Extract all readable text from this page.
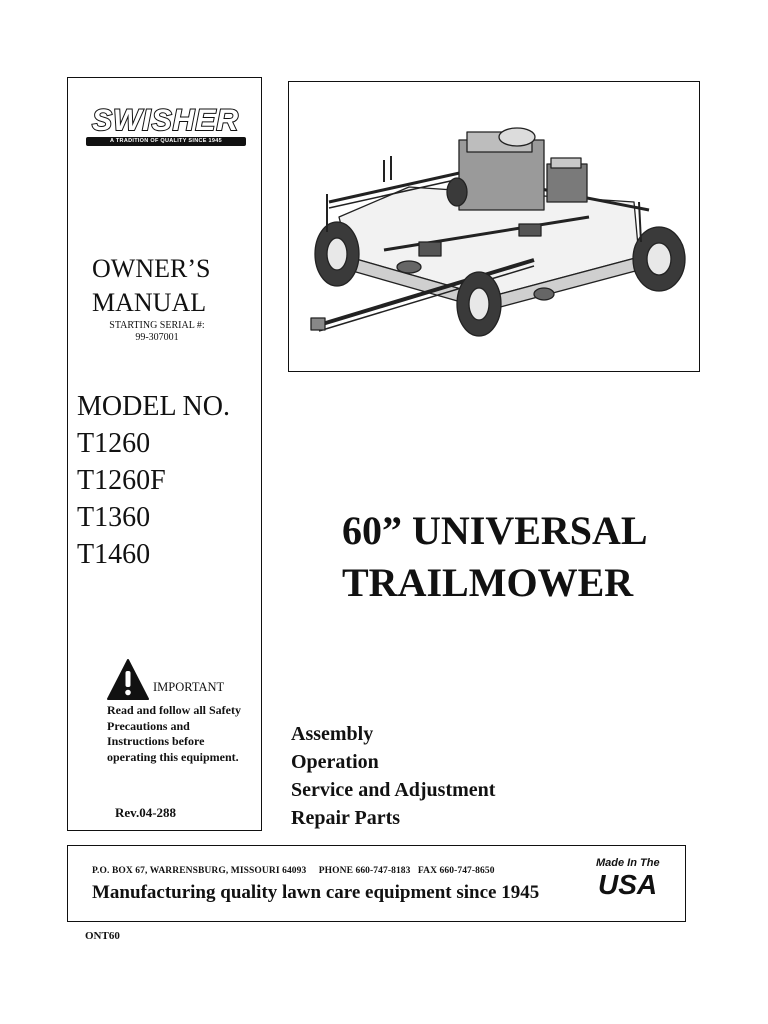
SWISHER
A TRADITION OF QUALITY SINCE 1945
OWNER’S
MANUAL
STARTING SERIAL #:
99-307001
MODEL NO.
T1260
T1260F
T1360
T1460
IMPORTANT
Read and follow all Safety Precautions and Instructions before operating this equipment.
Rev.04-288
60” UNIVERSAL
TRAILMOWER
Assembly
Operation
Service and Adjustment
Repair Parts
P.O. BOX 67, WARRENSBURG, MISSOURI 64093     PHONE 660-747-8183   FAX 660-747-8650
Manufacturing quality lawn care equipment since 1945
Made In The
USA
ONT60
